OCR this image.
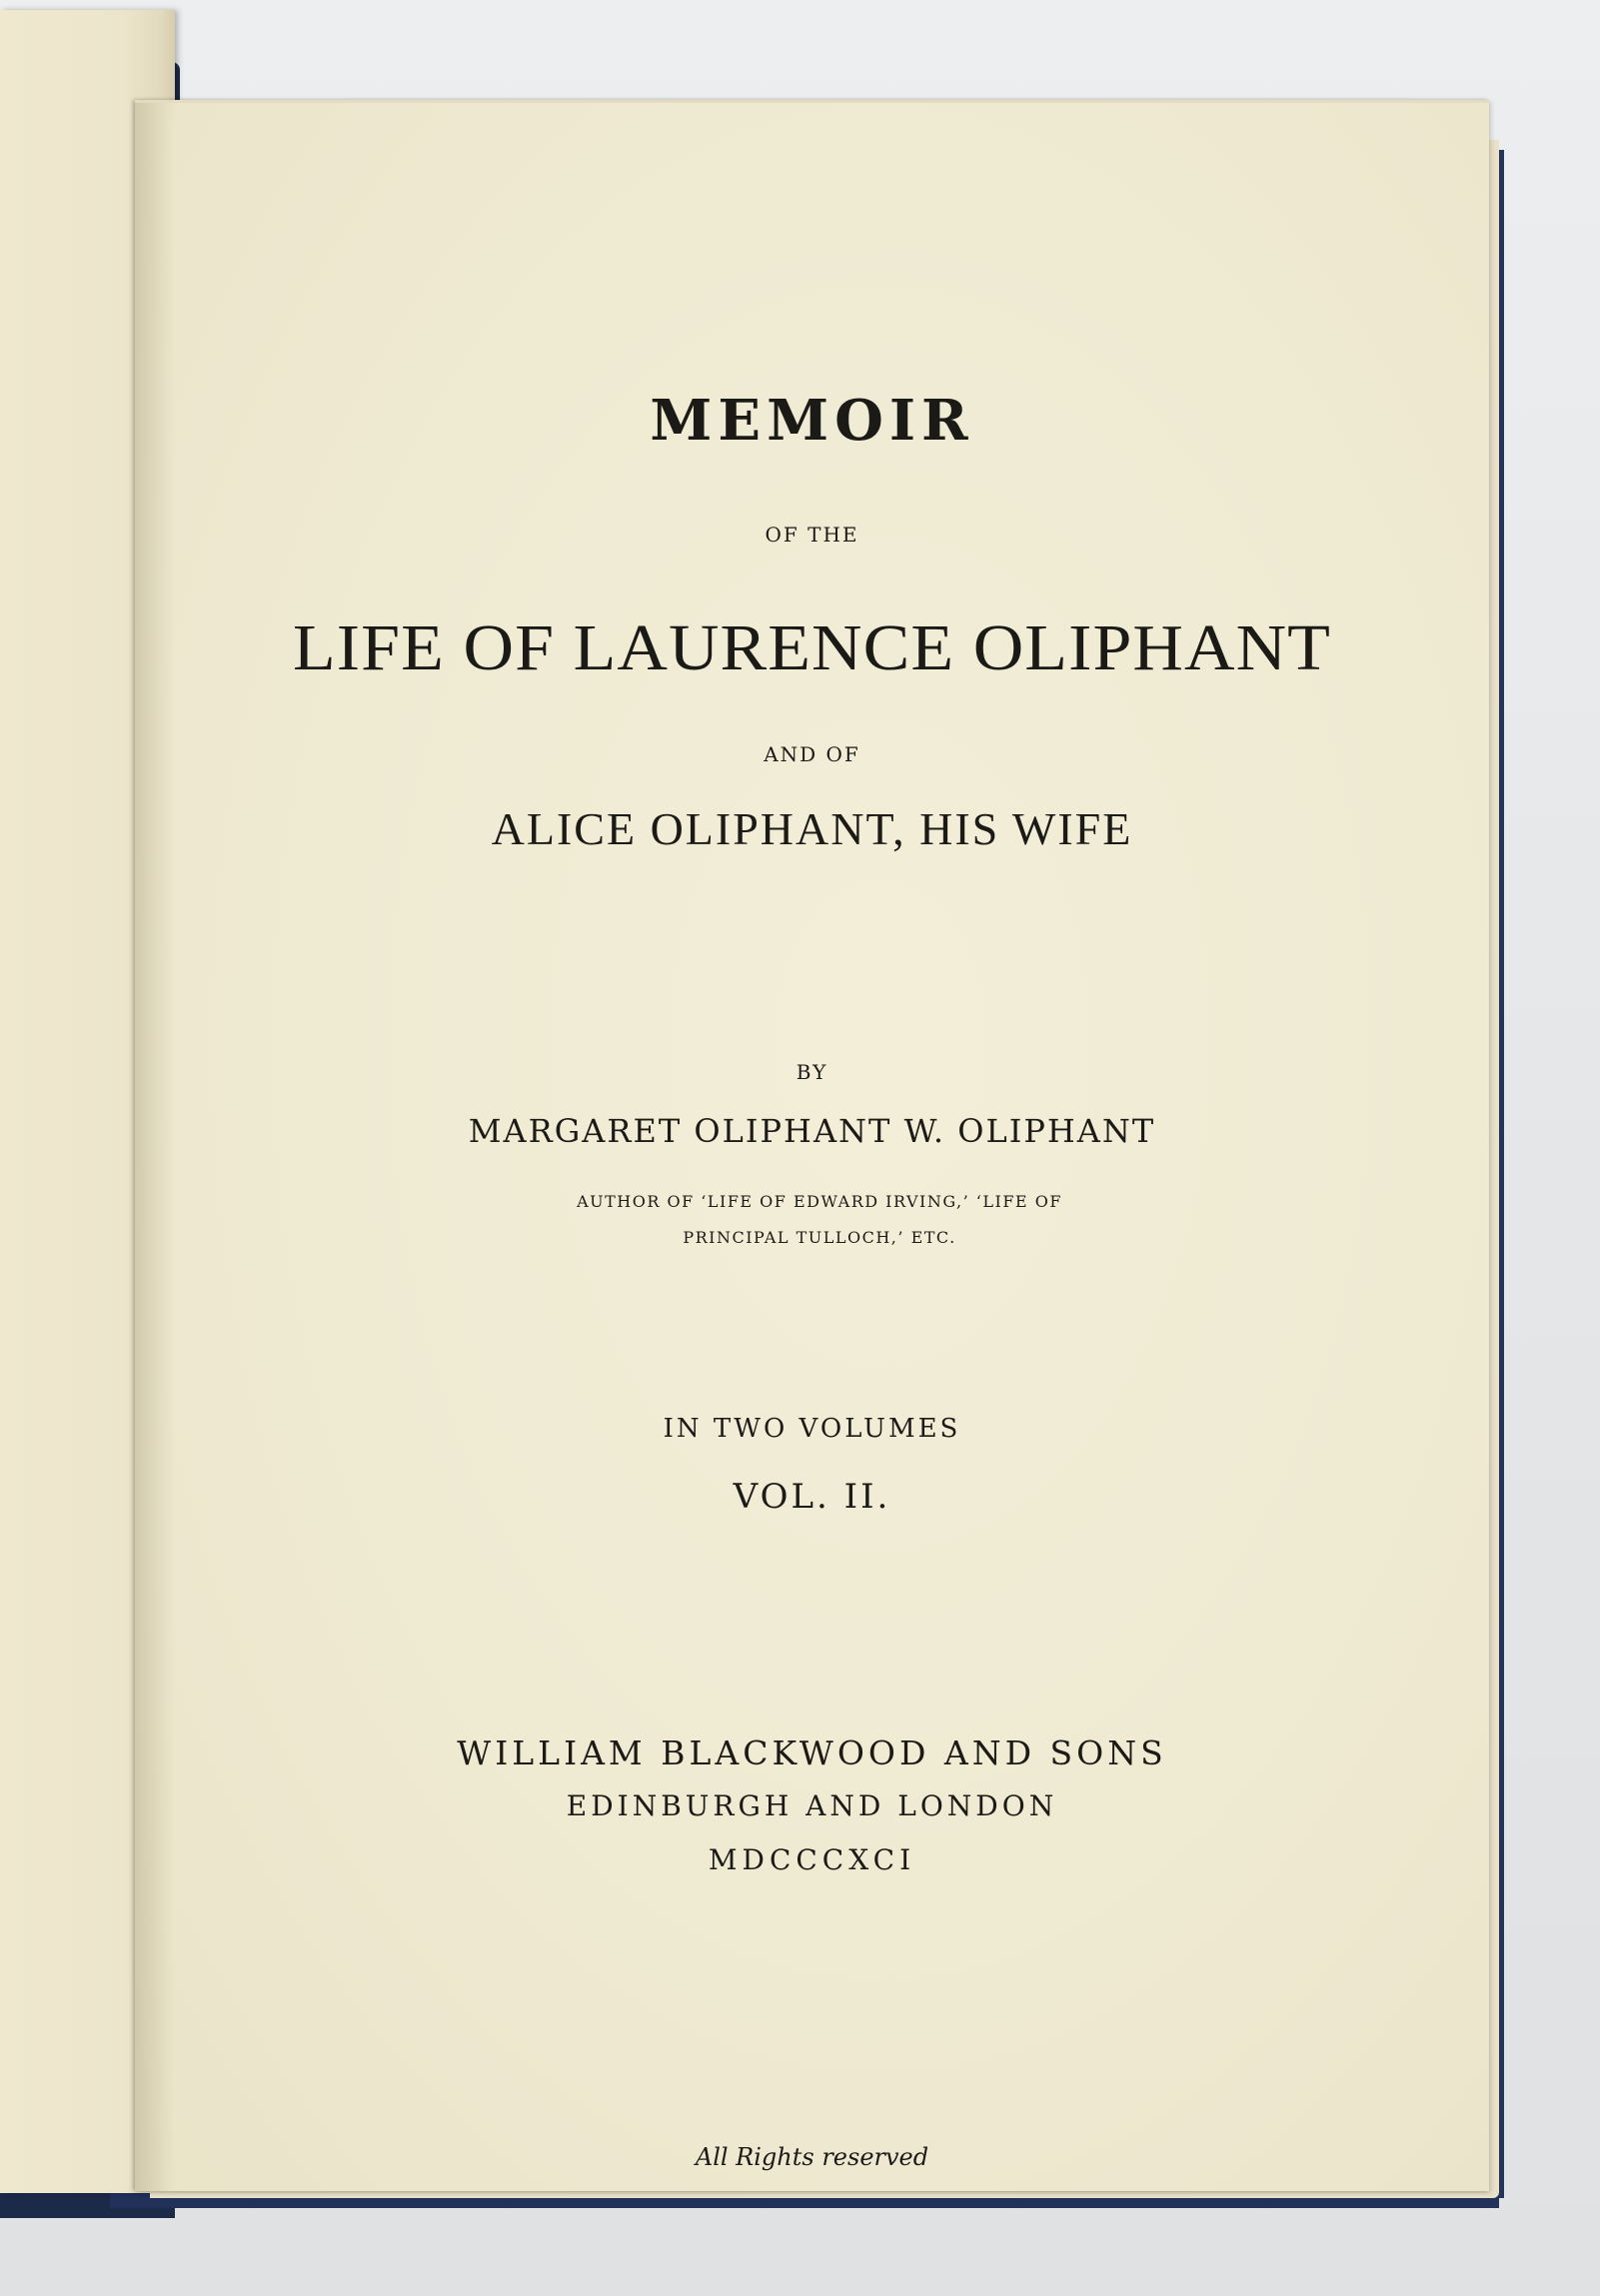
MEMOIR
OF THE
LIFE OF LAURENCE OLIPHANT
AND OF
ALICE OLIPHANT, HIS WIFE
BY
MARGARET OLIPHANT W. OLIPHANT
AUTHOR OF ‘LIFE OF EDWARD IRVING,’ ‘LIFE OF PRINCIPAL TULLOCH,’ ETC.
IN TWO VOLUMES
VOL. II.
WILLIAM BLACKWOOD AND SONS
EDINBURGH AND LONDON
MDCCCXCI
All Rights reserved
